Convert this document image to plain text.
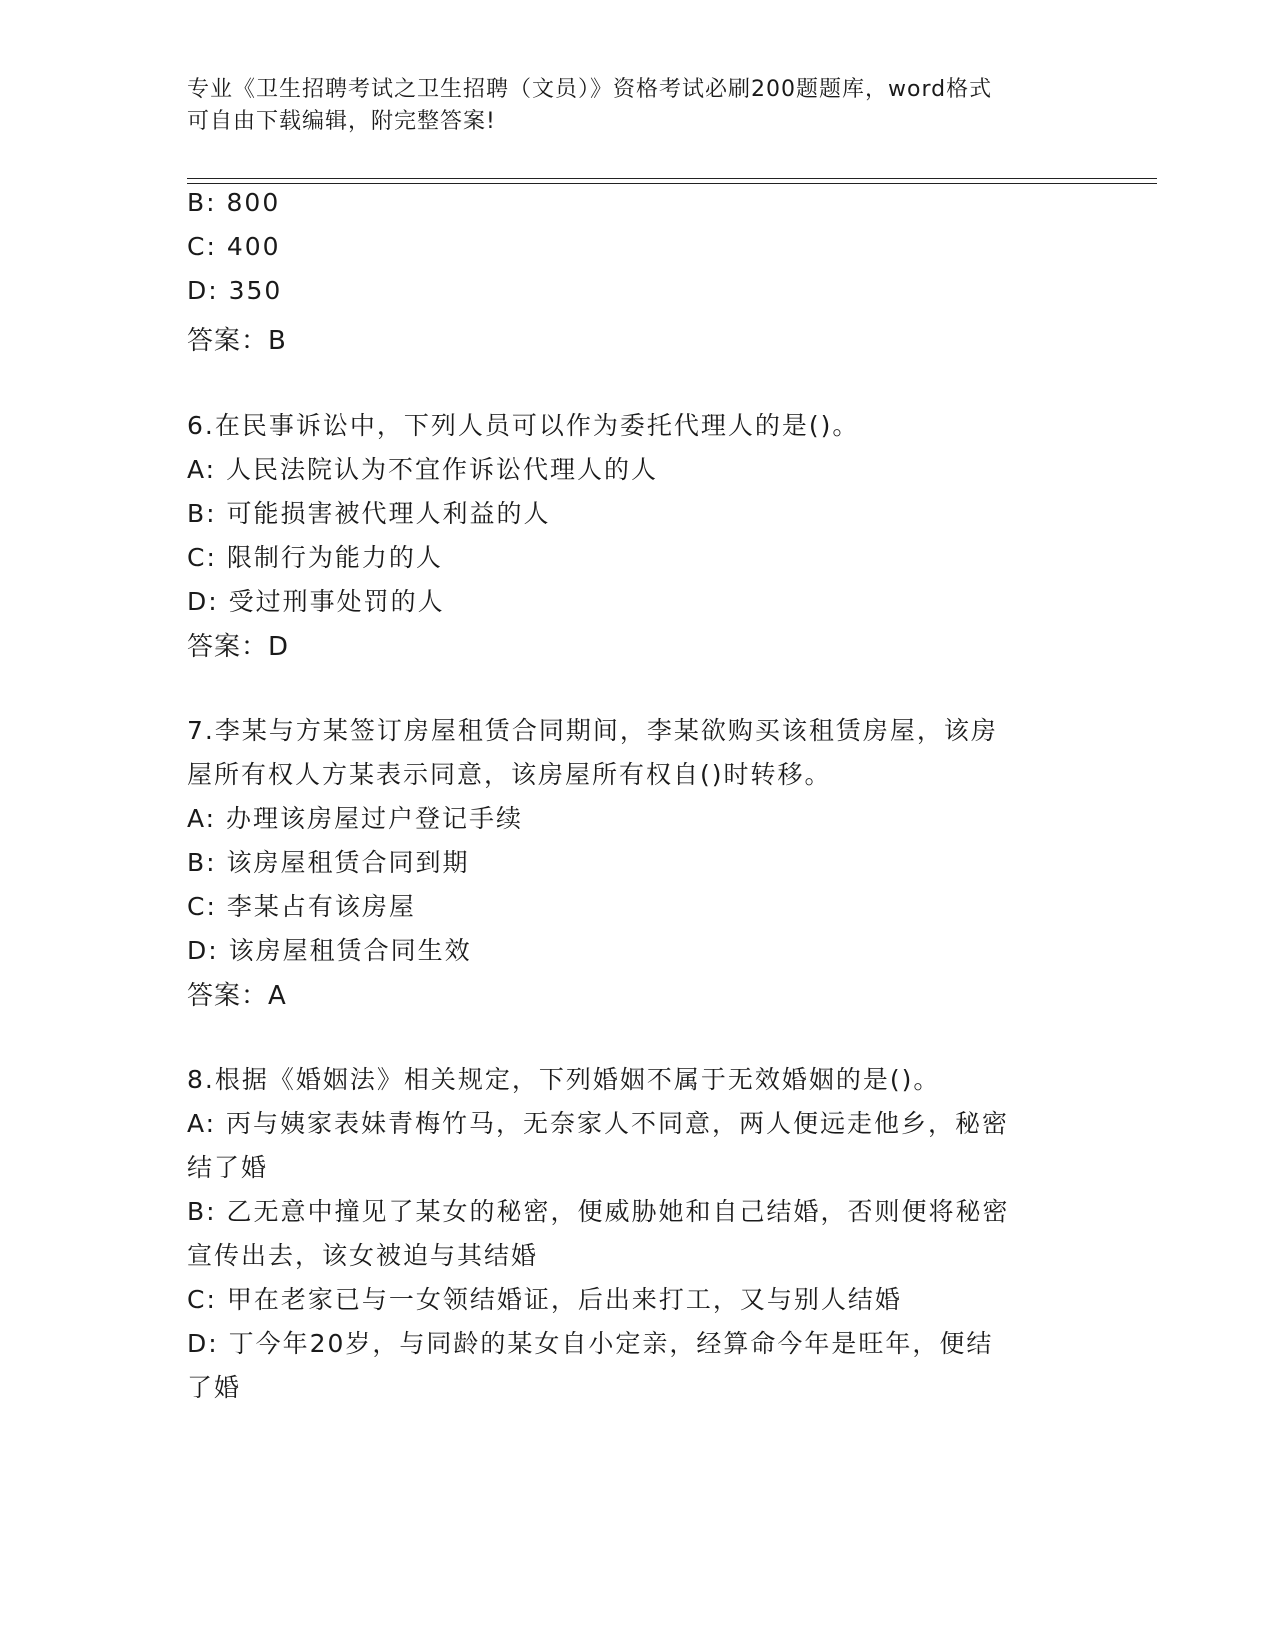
专业《卫生招聘考试之卫生招聘（文员）》资格考试必刷200题题库，word格式
可自由下载编辑，附完整答案!
B: 800
C: 400
D: 350
答案：B
6.在民事诉讼中，下列人员可以作为委托代理人的是()。
A: 人民法院认为不宜作诉讼代理人的人
B: 可能损害被代理人利益的人
C: 限制行为能力的人
D: 受过刑事处罚的人
答案：D
7.李某与方某签订房屋租赁合同期间，李某欲购买该租赁房屋，该房
屋所有权人方某表示同意，该房屋所有权自()时转移。
A: 办理该房屋过户登记手续
B: 该房屋租赁合同到期
C: 李某占有该房屋
D: 该房屋租赁合同生效
答案：A
8.根据《婚姻法》相关规定，下列婚姻不属于无效婚姻的是()。
A: 丙与姨家表妹青梅竹马，无奈家人不同意，两人便远走他乡，秘密
结了婚
B: 乙无意中撞见了某女的秘密，便威胁她和自己结婚，否则便将秘密
宣传出去，该女被迫与其结婚
C: 甲在老家已与一女领结婚证，后出来打工，又与别人结婚
D: 丁今年20岁，与同龄的某女自小定亲，经算命今年是旺年，便结
了婚
